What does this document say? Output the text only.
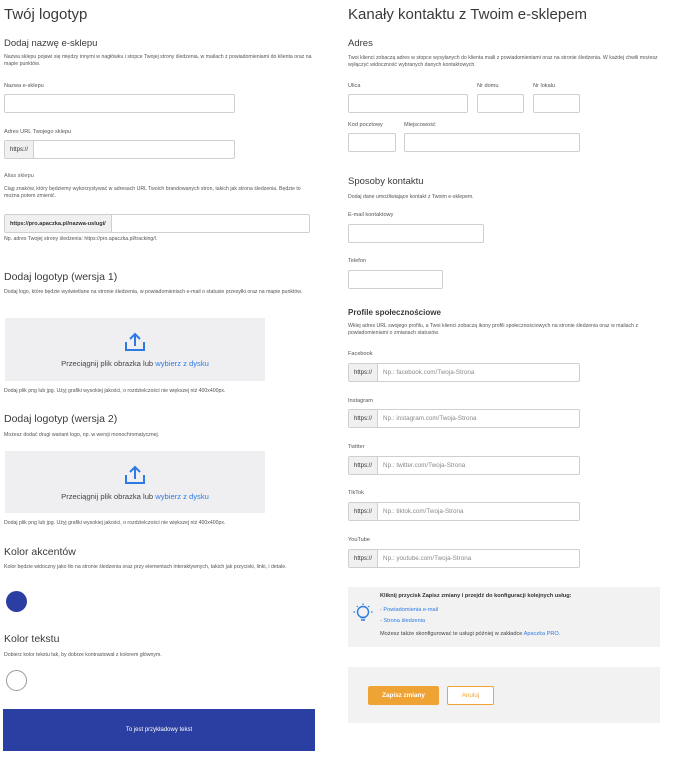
Twój logotyp
Dodaj nazwę e-sklepu
Nazwa sklepu pojawi się między innymi w nagłówku i stopce Twojej strony śledzenia, w mailach z powiadomieniami do klienta oraz na mapie punktów.
Nazwa e-sklepu
Adres URL Twojego sklepu
https://
Alias sklepu
Ciąg znaków, który będziemy wykorzystywać w adresach URL Twoich brandowanych stron, takich jak strona śledzenia. Będzie to można potem zmienić.
https://pro.apaczka.pl/nazwa-uslugi/
Np. adres Twojej strony śledzenia: https://pro.apaczka.pl/tracking//.
Dodaj logotyp (wersja 1)
Dodaj logo, które będzie wyświetlane na stronie śledzenia, w powiadomieniach e-mail o statusie przesyłki oraz na mapie punktów.
Przeciągnij plik obrazka lub wybierz z dysku
Dodaj plik png lub jpg. Użyj grafiki wysokiej jakości, o rozdzielczości nie większej niż 400x400px.
Dodaj logotyp (wersja 2)
Możesz dodać drugi wariant logo, np. w wersji monochromatycznej.
Przeciągnij plik obrazka lub wybierz z dysku
Dodaj plik png lub jpg. Użyj grafiki wysokiej jakości, o rozdzielczości nie większej niż 400x400px.
Kolor akcentów
Kolor będzie widoczny jako tło na stronie śledzenia oraz przy elementach interaktywnych, takich jak przyciski, linki, i detale.
Kolor tekstu
Dobierz kolor tekstu tak, by dobrze kontrastował z kolorem głównym.
To jest przykładowy tekst
Kanały kontaktu z Twoim e-sklepem
Adres
Twoi klienci zobaczą adres w stopce wysyłanych do klienta maili z powiadomieniami oraz na stronie śledzenia. W każdej chwili możesz wyłączyć widoczność wybranych danych kontaktowych.
Ulica	Nr domu	Nr lokalu
Kod pocztowy	Miejscowość
Sposoby kontaktu
Dodaj dane umożliwiające kontakt z Twoim e-sklepem.
E-mail kontaktowy
Telefon
Profile społecznościowe
Wklej adres URL swojego profilu, a Twoi klienci zobaczą ikony profili społecznościowych na stronie śledzenia oraz w mailach z powiadomieniami o zmianach statusów.
Facebook
https://	Np.: facebook.com/Twoja-Strona
Instagram
https://	Np.: instagram.com/Twoja-Strona
Twitter
https://	Np.: twitter.com/Twoja-Strona
TikTok
https://	Np.: tiktok.com/Twoja-Strona
YouTube
https://	Np.: youtube.com/Twoja-Strona
Kliknij przycisk Zapisz zmiany i przejdź do konfiguracji kolejnych usług:
- Powiadomienia e-mail
- Strona śledzenia
Możesz także skonfigurować te usługi później w zakładce Apaczka PRO.
Zapisz zmiany	Anuluj
